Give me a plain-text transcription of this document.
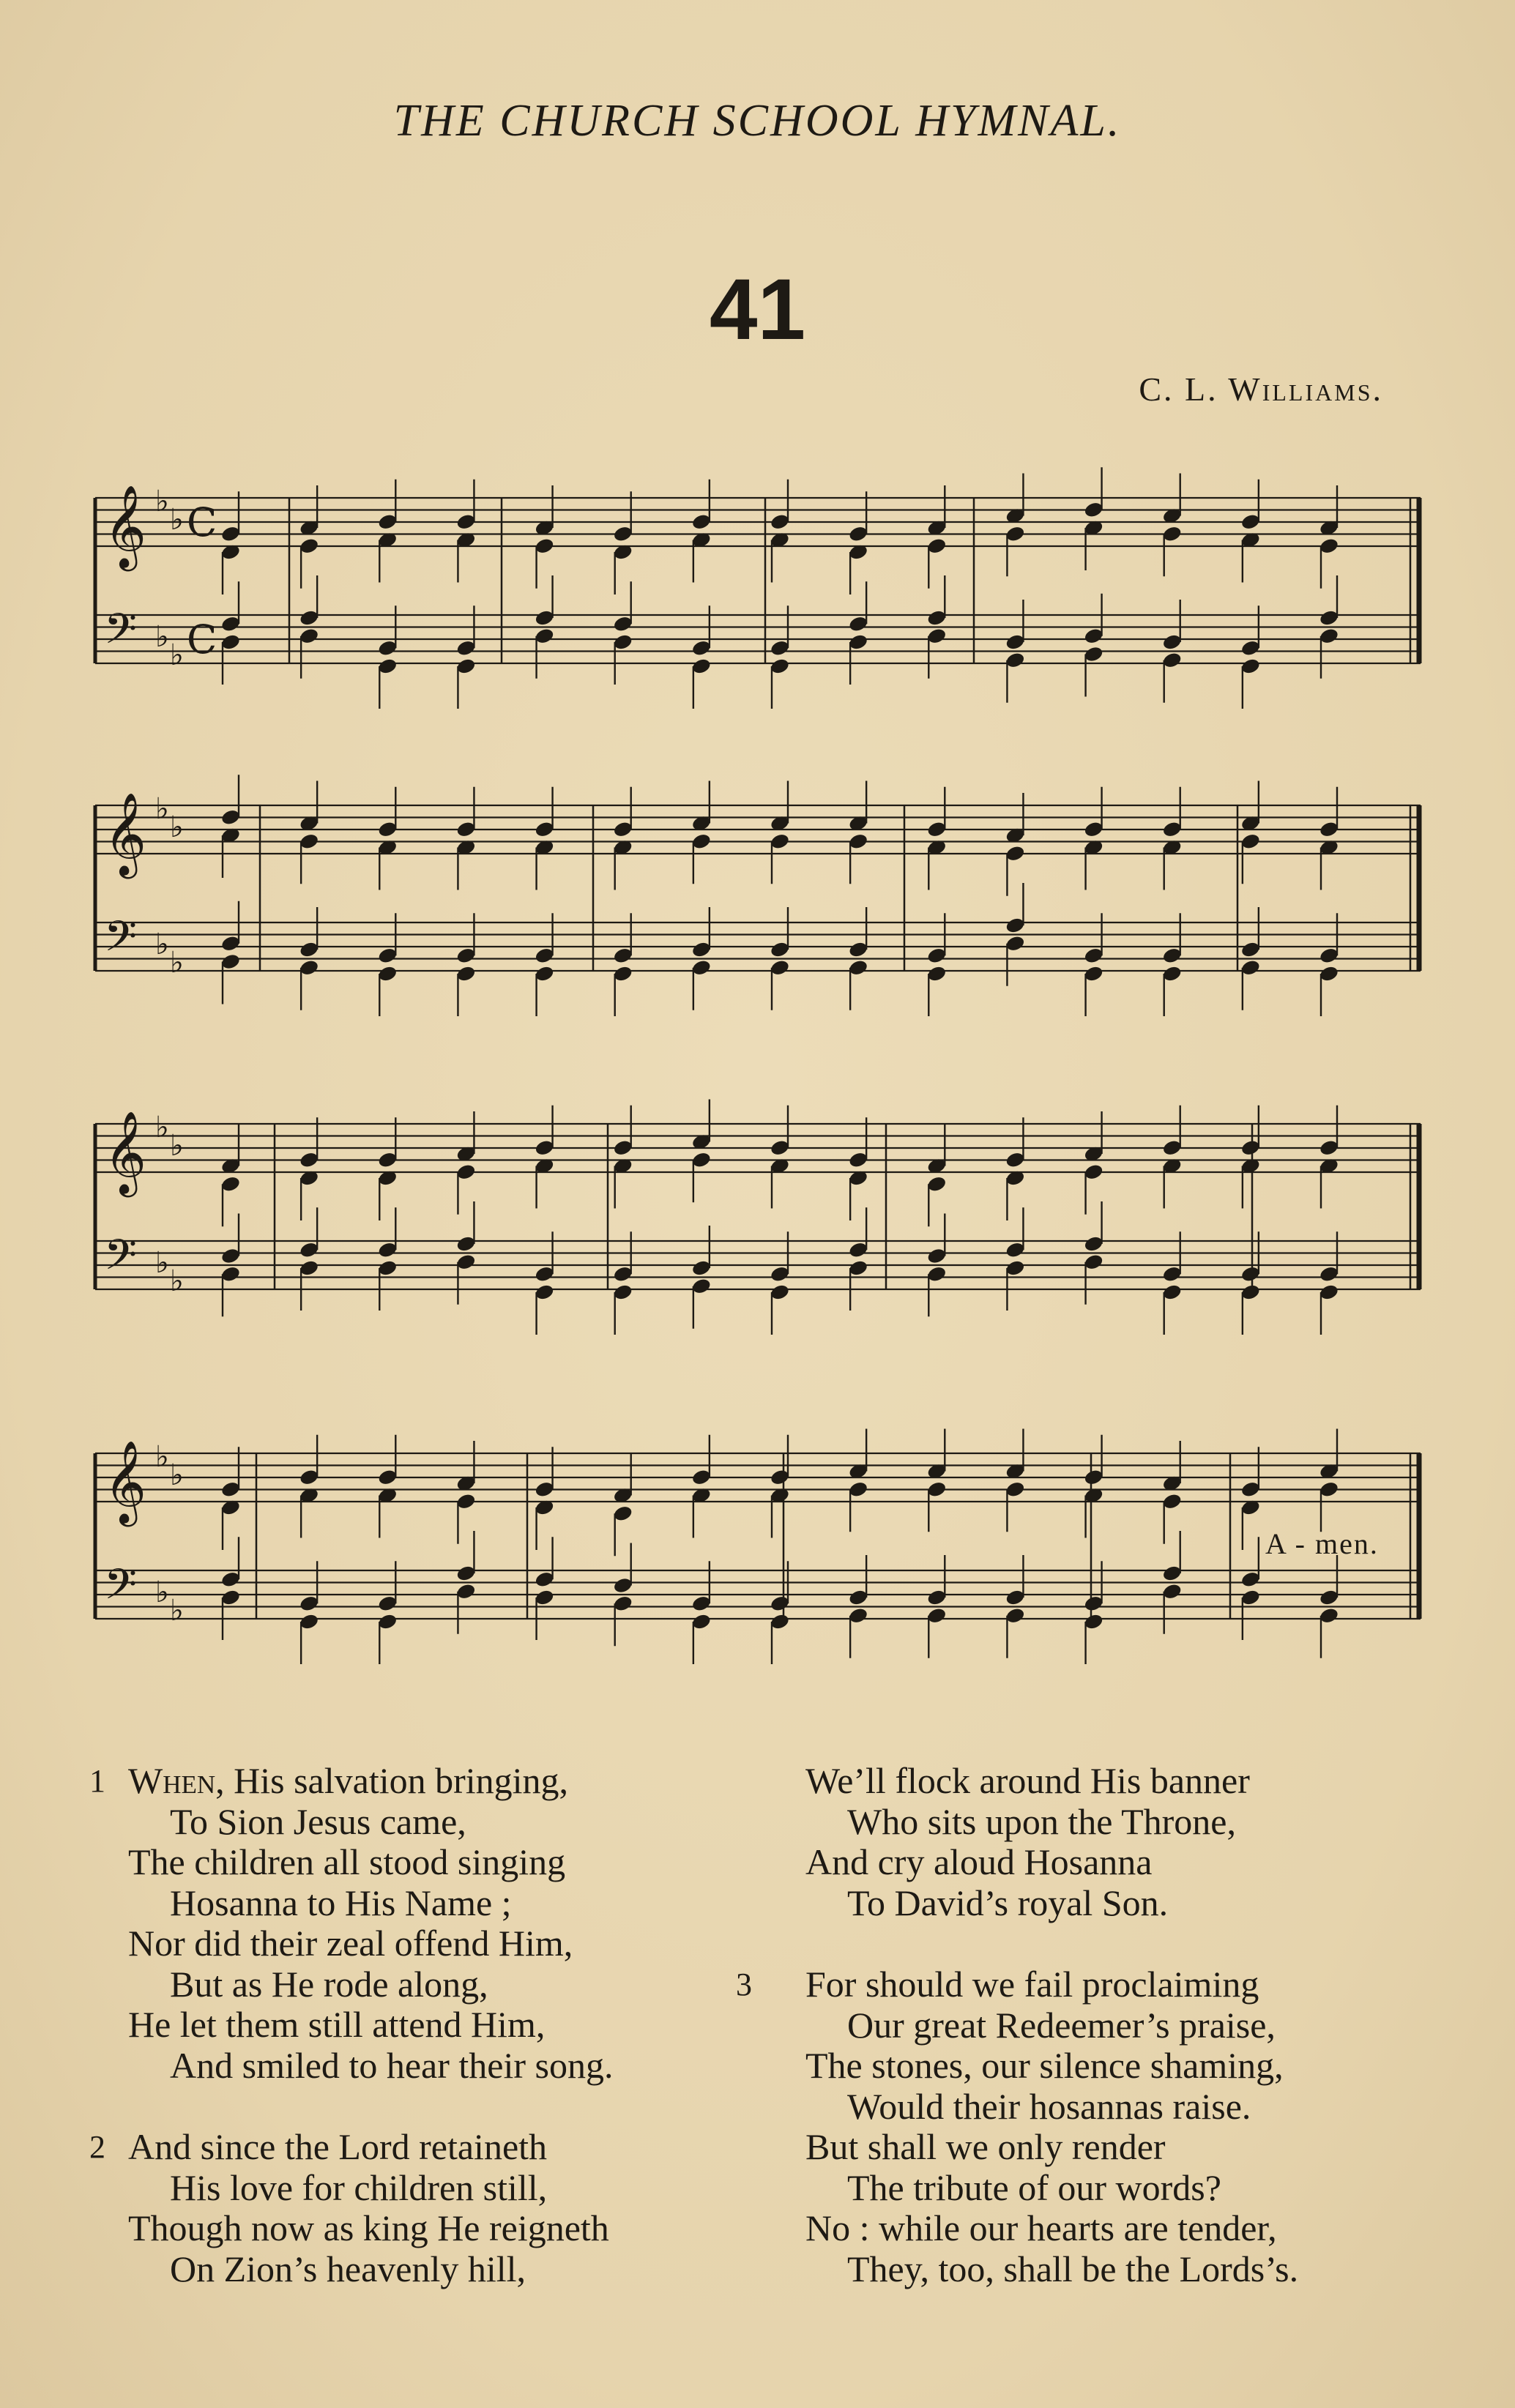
THE CHURCH SCHOOL HYMNAL.
41
C. L. Williams.
𝄞 ♭
♭ C
𝄢 ♭
♭ C
𝄞 ♭
♭
𝄢 ♭
♭
𝄞 ♭
♭
𝄢 ♭
♭
𝄞 ♭
♭
𝄢 ♭
♭
A - men.
1 When, His salvation bringing,
To Sion Jesus came,
The children all stood singing
Hosanna to His Name ;
Nor did their zeal offend Him,
But as He rode along,
He let them still attend Him,
And smiled to hear their song.
2 And since the Lord retaineth
His love for children still,
Though now as king He reigneth
On Zion’s heavenly hill,
We’ll flock around His banner
Who sits upon the Throne,
And cry aloud Hosanna
To David’s royal Son.
3	For should we fail proclaiming
Our great Redeemer’s praise,
The stones, our silence shaming,
Would their hosannas raise.
But shall we only render
The tribute of our words?
No : while our hearts are tender,
They, too, shall be the Lords’s.
